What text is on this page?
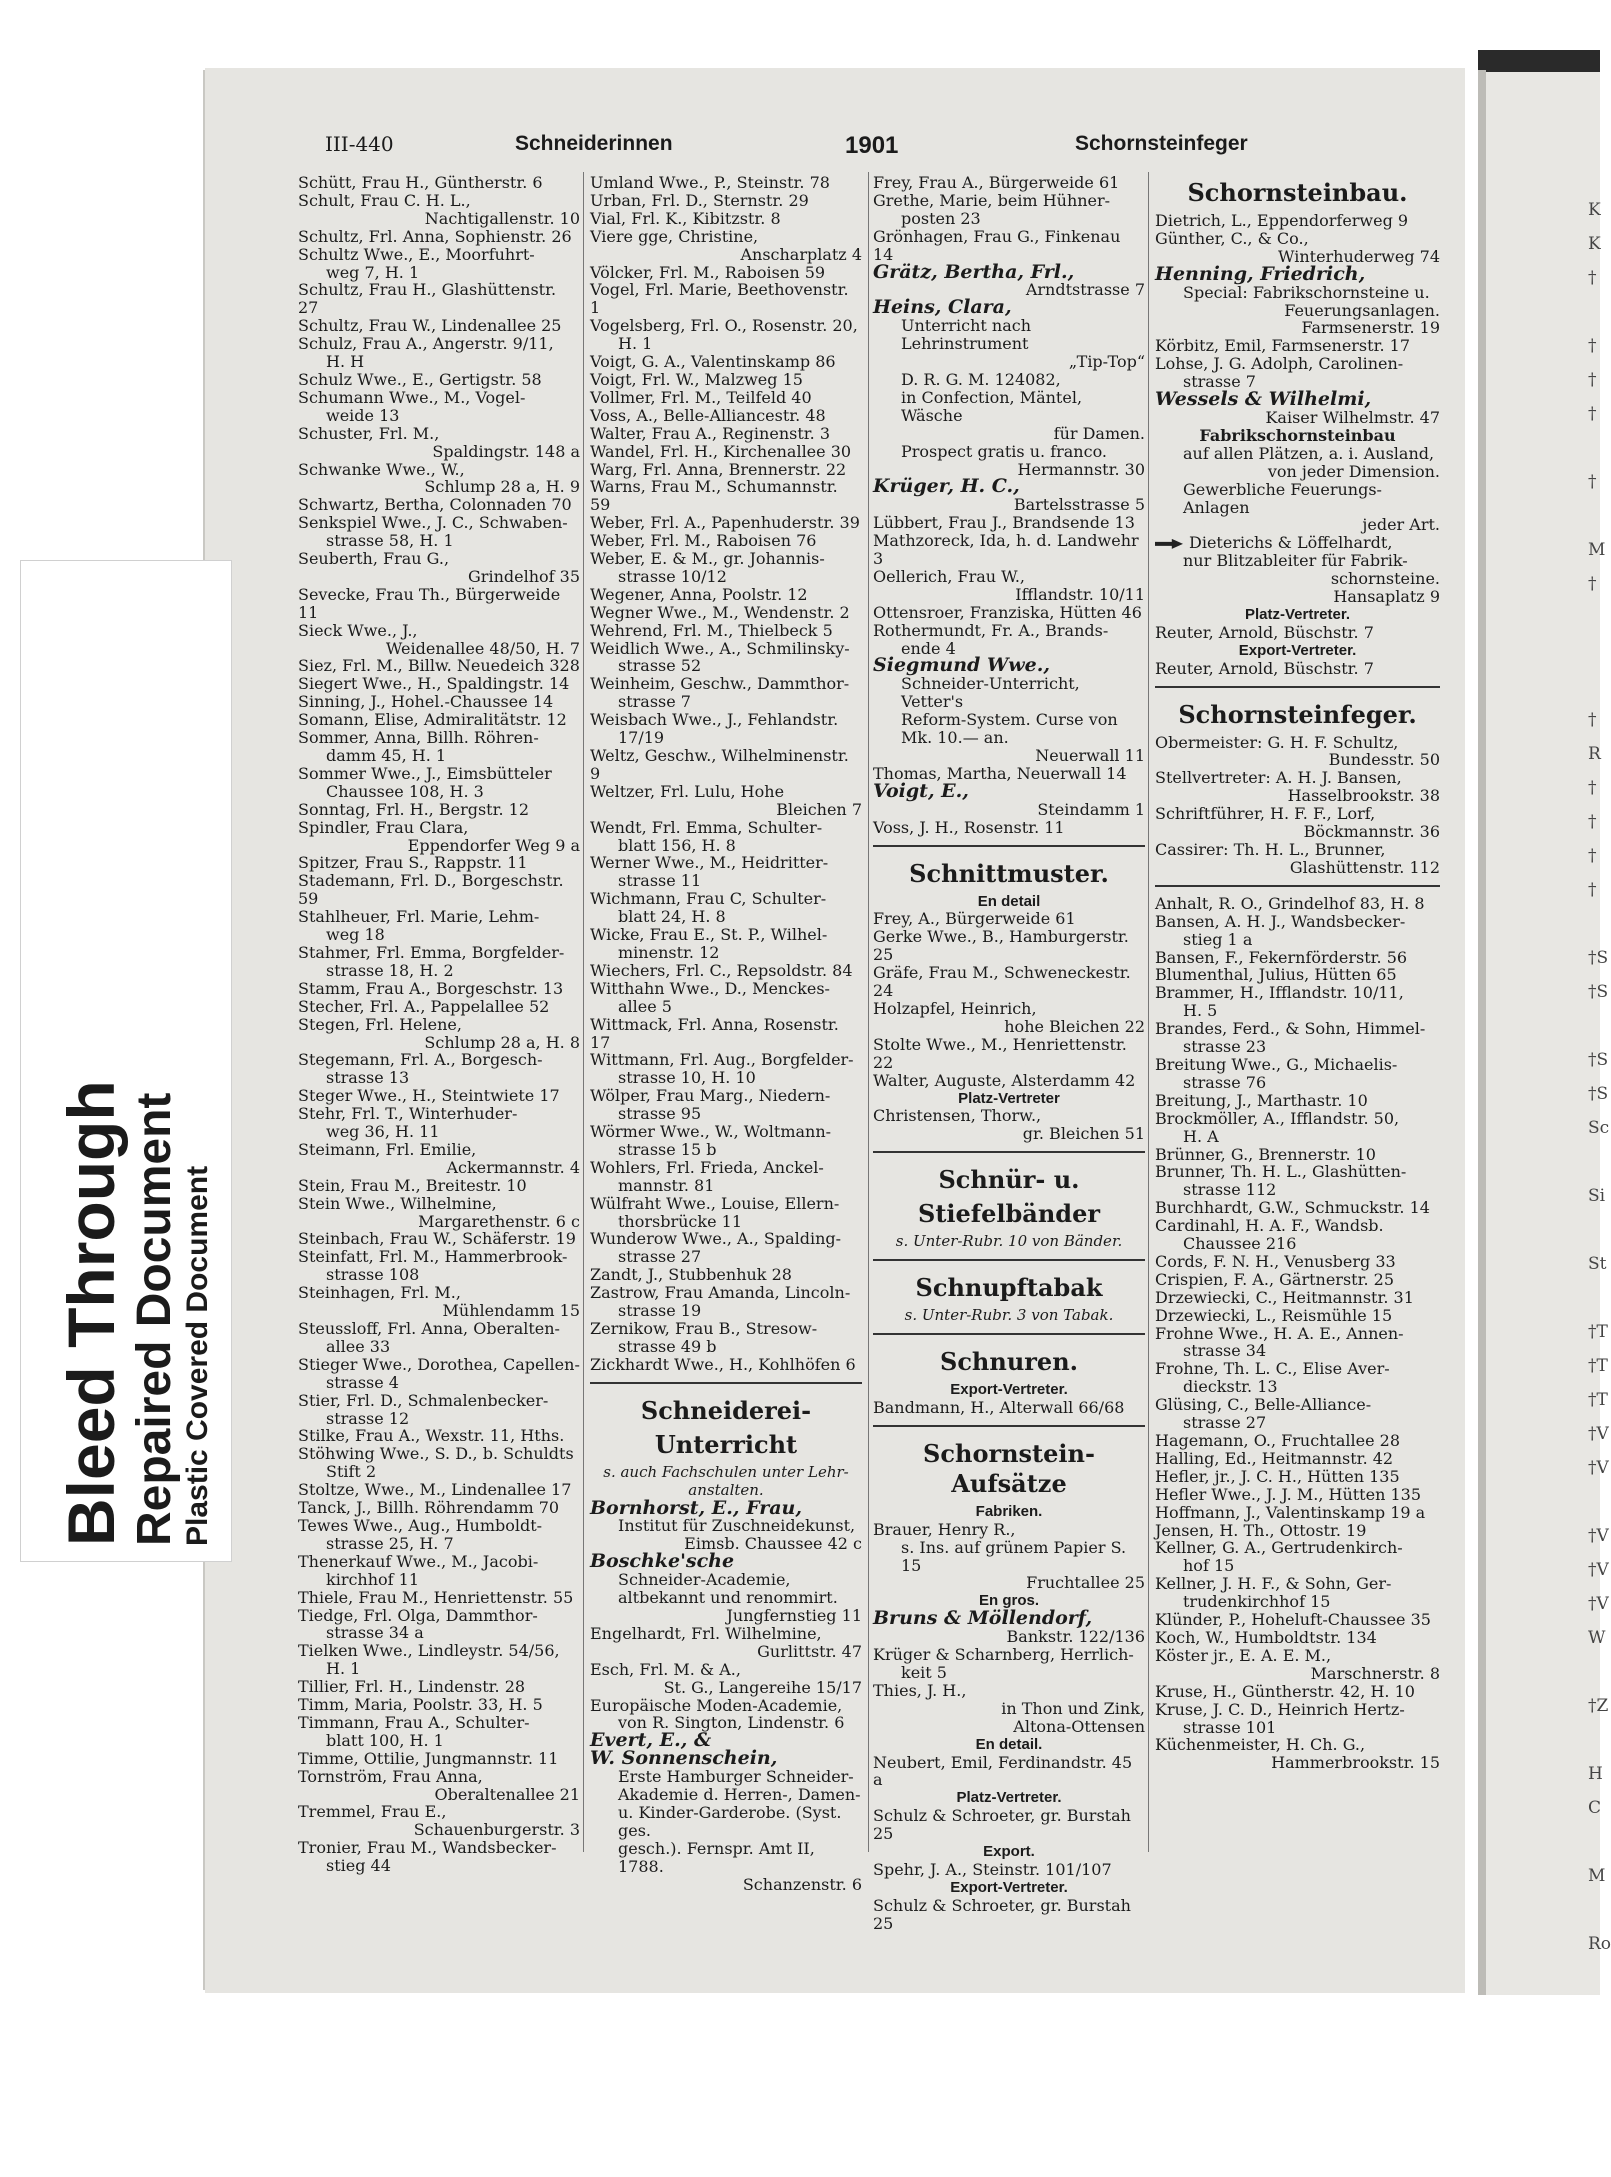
K
K
†
†
†
†
†
M
†
†
R
†
†
†
†
†S
†S
†S
†S
Sc
Si
St
†T
†T
†T
†V
†V
†V
†V
†V
W
†Z
H
C
M
Ro
Bleed Through Repaired Document Plastic Covered Document
III-440	Schneiderinnen	1901	Schornsteinfeger
Schütt, Frau H., Güntherstr. 6
Schult, Frau C. H. L.,
Nachtigallenstr. 10
Schultz, Frl. Anna, Sophienstr. 26
Schultz Wwe., E., Moorfuhrt-
weg 7, H. 1
Schultz, Frau H., Glashüttenstr. 27
Schultz, Frau W., Lindenallee 25
Schulz, Frau A., Angerstr. 9/11,
H. H
Schulz Wwe., E., Gertigstr. 58
Schumann Wwe., M., Vogel-
weide 13
Schuster, Frl. M.,
Spaldingstr. 148 a
Schwanke Wwe., W.,
Schlump 28 a, H. 9
Schwartz, Bertha, Colonnaden 70
Senkspiel Wwe., J. C., Schwaben-
strasse 58, H. 1
Seuberth, Frau G.,
Grindelhof 35
Sevecke, Frau Th., Bürgerweide 11
Sieck Wwe., J.,
Weidenallee 48/50, H. 7
Siez, Frl. M., Billw. Neuedeich 328
Siegert Wwe., H., Spaldingstr. 14
Sinning, J., Hohel.-Chaussee 14
Somann, Elise, Admiralitätstr. 12
Sommer, Anna, Billh. Röhren-
damm 45, H. 1
Sommer Wwe., J., Eimsbütteler
Chaussee 108, H. 3
Sonntag, Frl. H., Bergstr. 12
Spindler, Frau Clara,
Eppendorfer Weg 9 a
Spitzer, Frau S., Rappstr. 11
Stademann, Frl. D., Borgeschstr. 59
Stahlheuer, Frl. Marie, Lehm-
weg 18
Stahmer, Frl. Emma, Borgfelder-
strasse 18, H. 2
Stamm, Frau A., Borgeschstr. 13
Stecher, Frl. A., Pappelallee 52
Stegen, Frl. Helene,
Schlump 28 a, H. 8
Stegemann, Frl. A., Borgesch-
strasse 13
Steger Wwe., H., Steintwiete 17
Stehr, Frl. T., Winterhuder-
weg 36, H. 11
Steimann, Frl. Emilie,
Ackermannstr. 4
Stein, Frau M., Breitestr. 10
Stein Wwe., Wilhelmine,
Margarethenstr. 6 c
Steinbach, Frau W., Schäferstr. 19
Steinfatt, Frl. M., Hammerbrook-
strasse 108
Steinhagen, Frl. M.,
Mühlendamm 15
Steussloff, Frl. Anna, Oberalten-
allee 33
Stieger Wwe., Dorothea, Capellen-
strasse 4
Stier, Frl. D., Schmalenbecker-
strasse 12
Stilke, Frau A., Wexstr. 11, Hths.
Stöhwing Wwe., S. D., b. Schuldts
Stift 2
Stoltze, Wwe., M., Lindenallee 17
Tanck, J., Billh. Röhrendamm 70
Tewes Wwe., Aug., Humboldt-
strasse 25, H. 7
Thenerkauf Wwe., M., Jacobi-
kirchhof 11
Thiele, Frau M., Henriettenstr. 55
Tiedge, Frl. Olga, Dammthor-
strasse 34 a
Tielken Wwe., Lindleystr. 54/56,
H. 1
Tillier, Frl. H., Lindenstr. 28
Timm, Maria, Poolstr. 33, H. 5
Timmann, Frau A., Schulter-
blatt 100, H. 1
Timme, Ottilie, Jungmannstr. 11
Tornström, Frau Anna,
Oberaltenallee 21
Tremmel, Frau E.,
Schauenburgerstr. 3
Tronier, Frau M., Wandsbecker-
stieg 44
Umland Wwe., P., Steinstr. 78
Urban, Frl. D., Sternstr. 29
Vial, Frl. K., Kibitzstr. 8
Viere gge, Christine,
Anscharplatz 4
Völcker, Frl. M., Raboisen 59
Vogel, Frl. Marie, Beethovenstr. 1
Vogelsberg, Frl. O., Rosenstr. 20,
H. 1
Voigt, G. A., Valentinskamp 86
Voigt, Frl. W., Malzweg 15
Vollmer, Frl. M., Teilfeld 40
Voss, A., Belle-Alliancestr. 48
Walter, Frau A., Reginenstr. 3
Wandel, Frl. H., Kirchenallee 30
Warg, Frl. Anna, Brennerstr. 22
Warns, Frau M., Schumannstr. 59
Weber, Frl. A., Papenhuderstr. 39
Weber, Frl. M., Raboisen 76
Weber, E. & M., gr. Johannis-
strasse 10/12
Wegener, Anna, Poolstr. 12
Wegner Wwe., M., Wendenstr. 2
Wehrend, Frl. M., Thielbeck 5
Weidlich Wwe., A., Schmilinsky-
strasse 52
Weinheim, Geschw., Dammthor-
strasse 7
Weisbach Wwe., J., Fehlandstr.
17/19
Weltz, Geschw., Wilhelminenstr. 9
Weltzer, Frl. Lulu, Hohe
Bleichen 7
Wendt, Frl. Emma, Schulter-
blatt 156, H. 8
Werner Wwe., M., Heidritter-
strasse 11
Wichmann, Frau C, Schulter-
blatt 24, H. 8
Wicke, Frau E., St. P., Wilhel-
minenstr. 12
Wiechers, Frl. C., Repsoldstr. 84
Witthahn Wwe., D., Menckes-
allee 5
Wittmack, Frl. Anna, Rosenstr. 17
Wittmann, Frl. Aug., Borgfelder-
strasse 10, H. 10
Wölper, Frau Marg., Niedern-
strasse 95
Wörmer Wwe., W., Woltmann-
strasse 15 b
Wohlers, Frl. Frieda, Anckel-
mannstr. 81
Wülfraht Wwe., Louise, Ellern-
thorsbrücke 11
Wunderow Wwe., A., Spalding-
strasse 27
Zandt, J., Stubbenhuk 28
Zastrow, Frau Amanda, Lincoln-
strasse 19
Zernikow, Frau B., Stresow-
strasse 49 b
Zickhardt Wwe., H., Kohlhöfen 6
Schneiderei-
Unterricht
s. auch Fachschulen unter Lehr-
anstalten.
Bornhorst, E., Frau,
Institut für Zuschneidekunst,
Eimsb. Chaussee 42 c
Boschke'sche
Schneider-Academie,
altbekannt und renommirt.
Jungfernstieg 11
Engelhardt, Frl. Wilhelmine,
Gurlittstr. 47
Esch, Frl. M. & A.,
St. G., Langereihe 15/17
Europäische Moden-Academie,
von R. Sington, Lindenstr. 6
Evert, E., &
W. Sonnenschein,
Erste Hamburger Schneider-
Akademie d. Herren-, Damen-
u. Kinder-Garderobe. (Syst. ges.
gesch.). Fernspr. Amt II, 1788.
Schanzenstr. 6
Frey, Frau A., Bürgerweide 61
Grethe, Marie, beim Hühner-
posten 23
Grönhagen, Frau G., Finkenau 14
Grätz, Bertha, Frl.,
Arndtstrasse 7
Heins, Clara,
Unterricht nach Lehrinstrument
„Tip-Top“
D. R. G. M. 124082,
in Confection, Mäntel, Wäsche
für Damen.
Prospect gratis u. franco.
Hermannstr. 30
Krüger, H. C.,
Bartelsstrasse 5
Lübbert, Frau J., Brandsende 13
Mathzoreck, Ida, h. d. Landwehr 3
Oellerich, Frau W.,
Ifflandstr. 10/11
Ottensroer, Franziska, Hütten 46
Rothermundt, Fr. A., Brands-
ende 4
Siegmund Wwe.,
Schneider-Unterricht, Vetter's
Reform-System. Curse von
Mk. 10.— an.
Neuerwall 11
Thomas, Martha, Neuerwall 14
Voigt, E.,
Steindamm 1
Voss, J. H., Rosenstr. 11
Schnittmuster.
En detail
Frey, A., Bürgerweide 61
Gerke Wwe., B., Hamburgerstr. 25
Gräfe, Frau M., Schweneckestr. 24
Holzapfel, Heinrich,
hohe Bleichen 22
Stolte Wwe., M., Henriettenstr. 22
Walter, Auguste, Alsterdamm 42
Platz-Vertreter
Christensen, Thorw.,
gr. Bleichen 51
Schnür- u.
Stiefelbänder
s. Unter-Rubr. 10 von Bänder.
Schnupftabak
s. Unter-Rubr. 3 von Tabak.
Schnuren.
Export-Vertreter.
Bandmann, H., Alterwall 66/68
Schornstein-Aufsätze
Fabriken.
Brauer, Henry R.,
s. Ins. auf grünem Papier S. 15
Fruchtallee 25
En gros.
Bruns & Möllendorf,
Bankstr. 122/136
Krüger & Scharnberg, Herrlich-
keit 5
Thies, J. H.,
in Thon und Zink,
Altona-Ottensen
En detail.
Neubert, Emil, Ferdinandstr. 45 a
Platz-Vertreter.
Schulz & Schroeter, gr. Burstah 25
Export.
Spehr, J. A., Steinstr. 101/107
Export-Vertreter.
Schulz & Schroeter, gr. Burstah 25
Schornsteinbau.
Dietrich, L., Eppendorferweg 9
Günther, C., & Co.,
Winterhuderweg 74
Henning, Friedrich,
Special: Fabrikschornsteine u.
Feuerungsanlagen.
Farmsenerstr. 19
Körbitz, Emil, Farmsenerstr. 17
Lohse, J. G. Adolph, Carolinen-
strasse 7
Wessels & Wilhelmi,
Kaiser Wilhelmstr. 47
Fabrikschornsteinbau
auf allen Plätzen, a. i. Ausland,
von jeder Dimension.
Gewerbliche Feuerungs-Anlagen
jeder Art.
Dieterichs & Löffelhardt,
nur Blitzableiter für Fabrik-
schornsteine.
Hansaplatz 9
Platz-Vertreter.
Reuter, Arnold, Büschstr. 7
Export-Vertreter.
Reuter, Arnold, Büschstr. 7
Schornsteinfeger.
Obermeister: G. H. F. Schultz,
Bundesstr. 50
Stellvertreter: A. H. J. Bansen,
Hasselbrookstr. 38
Schriftführer, H. F. F., Lorf,
Böckmannstr. 36
Cassirer: Th. H. L., Brunner,
Glashüttenstr. 112
Anhalt, R. O., Grindelhof 83, H. 8
Bansen, A. H. J., Wandsbecker-
stieg 1 a
Bansen, F., Fekernförderstr. 56
Blumenthal, Julius, Hütten 65
Brammer, H., Ifflandstr. 10/11,
H. 5
Brandes, Ferd., & Sohn, Himmel-
strasse 23
Breitung Wwe., G., Michaelis-
strasse 76
Breitung, J., Marthastr. 10
Brockmöller, A., Ifflandstr. 50,
H. A
Brünner, G., Brennerstr. 10
Brunner, Th. H. L., Glashütten-
strasse 112
Burchhardt, G.W., Schmuckstr. 14
Cardinahl, H. A. F., Wandsb.
Chaussee 216
Cords, F. N. H., Venusberg 33
Crispien, F. A., Gärtnerstr. 25
Drzewiecki, C., Heitmannstr. 31
Drzewiecki, L., Reismühle 15
Frohne Wwe., H. A. E., Annen-
strasse 34
Frohne, Th. L. C., Elise Aver-
dieckstr. 13
Glüsing, C., Belle-Alliance-
strasse 27
Hagemann, O., Fruchtallee 28
Halling, Ed., Heitmannstr. 42
Hefler, jr., J. C. H., Hütten 135
Hefler Wwe., J. J. M., Hütten 135
Hoffmann, J., Valentinskamp 19 a
Jensen, H. Th., Ottostr. 19
Kellner, G. A., Gertrudenkirch-
hof 15
Kellner, J. H. F., & Sohn, Ger-
trudenkirchhof 15
Klünder, P., Hoheluft-Chaussee 35
Koch, W., Humboldtstr. 134
Köster jr., E. A. E. M.,
Marschnerstr. 8
Kruse, H., Güntherstr. 42, H. 10
Kruse, J. C. D., Heinrich Hertz-
strasse 101
Küchenmeister, H. Ch. G.,
Hammerbrookstr. 15
